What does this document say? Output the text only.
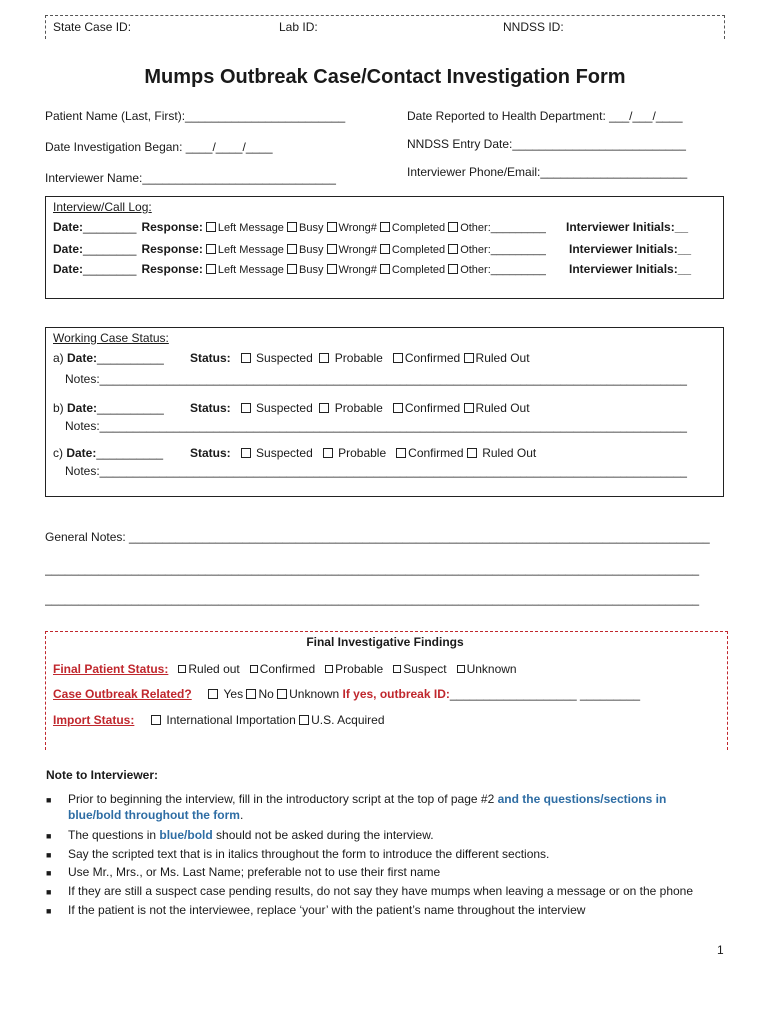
State Case ID:	Lab ID:	NNDSS ID:
Mumps Outbreak Case/Contact Investigation Form
Patient Name (Last, First):________________________	Date Reported to Health Department: ___/___/____
Date Investigation Began: ____/____/____	NNDSS Entry Date:__________________________
Interviewer Phone/Email:______________________
Interviewer Name:_____________________________
Interview/Call Log:
Date:________ Response: Left Message Busy Wrong# Completed Other:_________ Interviewer Initials:__
Date:________ Response: Left Message Busy Wrong# Completed Other:_________ Interviewer Initials:__
Date:________ Response: Left Message Busy Wrong# Completed Other:_________ Interviewer Initials:__
Working Case Status:
a) Date:__________ Status: Suspected Probable Confirmed Ruled Out
Notes:________________________________________________________________________________________
b) Date:__________ Status: Suspected Probable Confirmed Ruled Out
Notes:________________________________________________________________________________________
c) Date:__________ Status: Suspected Probable Confirmed Ruled Out
Notes:________________________________________________________________________________________
General Notes: _______________________________________________________________________________________
__________________________________________________________________________________________________
__________________________________________________________________________________________________
Final Investigative Findings
Final Patient Status: Ruled out Confirmed Probable Suspect Unknown
Case Outbreak Related?	Yes No Unknown If yes, outbreak ID:___________________ _________
Import Status:	International Importation U.S. Acquired
Note to Interviewer:
■ Prior to beginning the interview, fill in the introductory script at the top of page #2 and the questions/sections in
blue/bold throughout the form.
■ The questions in blue/bold should not be asked during the interview.
■ Say the scripted text that is in italics throughout the form to introduce the different sections.
■ Use Mr., Mrs., or Ms. Last Name; preferable not to use their first name
■ If they are still a suspect case pending results, do not say they have mumps when leaving a message or on the phone
■ If the patient is not the interviewee, replace ‘your’ with the patient’s name throughout the interview
1
